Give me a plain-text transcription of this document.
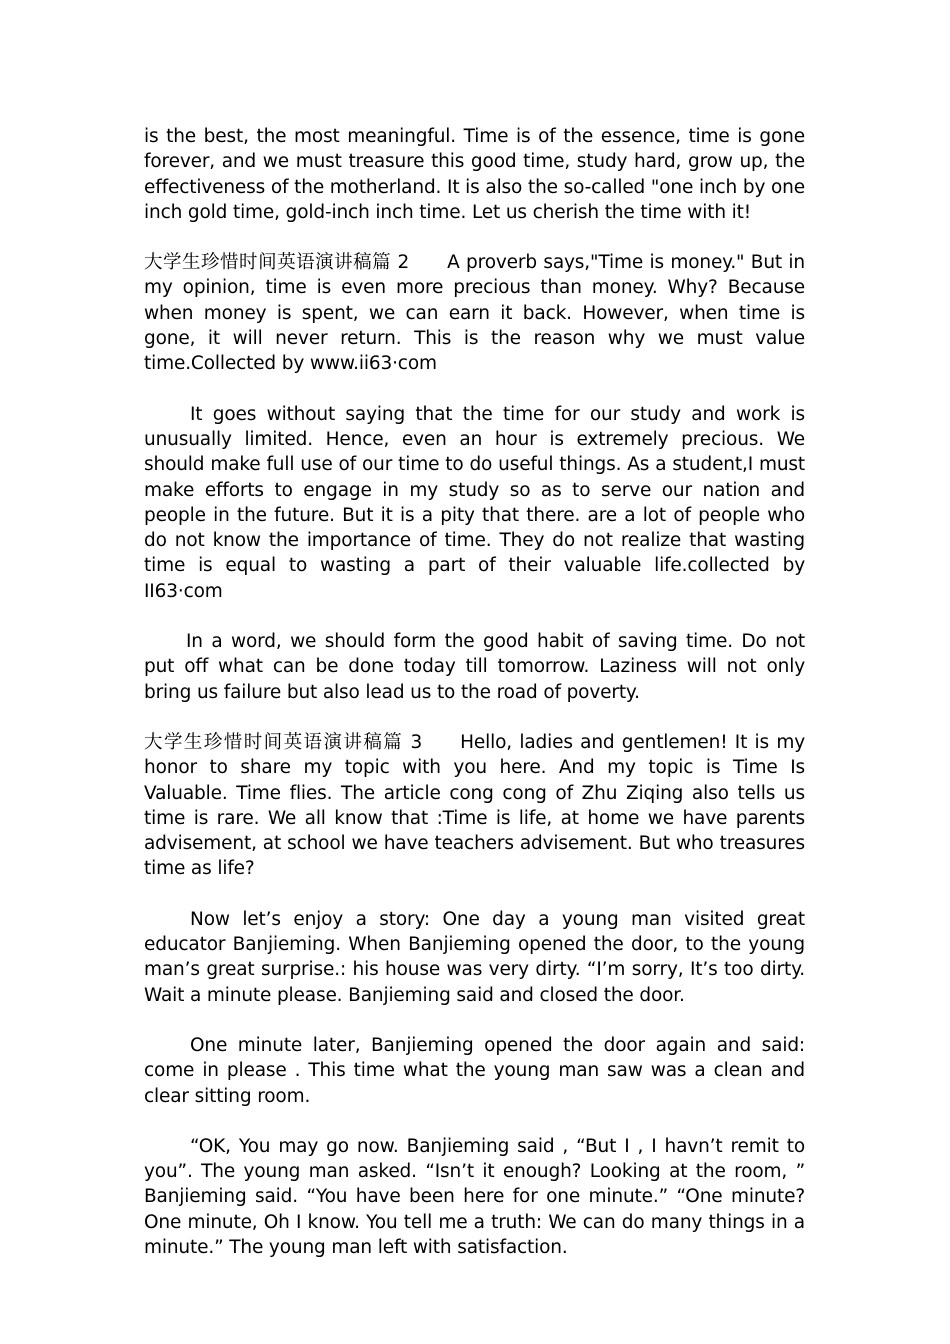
is the best, the most meaningful. Time is of the essence, time is gone forever, and we must treasure this good time, study hard, grow up, the effectiveness of the motherland. It is also the so-called "one inch by one inch gold time, gold-inch inch time. Let us cherish the time with it!

大学生珍惜时间英语演讲稿篇 2 A proverb says,"Time is money." But in my opinion, time is even more precious than money. Why? Because when money is spent, we can earn it back. However, when time is gone, it will never return. This is the reason why we must value time.Collected by www.ii63·com

It goes without saying that the time for our study and work is unusually limited. Hence, even an hour is extremely precious. We should make full use of our time to do useful things. As a student,I must make efforts to engage in my study so as to serve our nation and people in the future. But it is a pity that there. are a lot of people who do not know the importance of time. They do not realize that wasting time is equal to wasting a part of their valuable life.collected by II63·com

In a word, we should form the good habit of saving time. Do not put off what can be done today till tomorrow. Laziness will not only bring us failure but also lead us to the road of poverty.

大学生珍惜时间英语演讲稿篇 3 Hello, ladies and gentlemen! It is my honor to share my topic with you here. And my topic is Time Is Valuable. Time flies. The article cong cong of Zhu Ziqing also tells us time is rare. We all know that :Time is life, at home we have parents advisement, at school we have teachers advisement. But who treasures time as life?

Now let’s enjoy a story: One day a young man visited great educator Banjieming. When Banjieming opened the door, to the young man’s great surprise.: his house was very dirty. “I’m sorry, It’s too dirty. Wait a minute please. Banjieming said and closed the door.

One minute later, Banjieming opened the door again and said: come in please . This time what the young man saw was a clean and clear sitting room.

“OK, You may go now. Banjieming said , “But I , I havn’t remit to you”. The young man asked. “Isn’t it enough? Looking at the room, ” Banjieming said. “You have been here for one minute.” “One minute? One minute, Oh I know. You tell me a truth: We can do many things in a minute.” The young man left with satisfaction.
